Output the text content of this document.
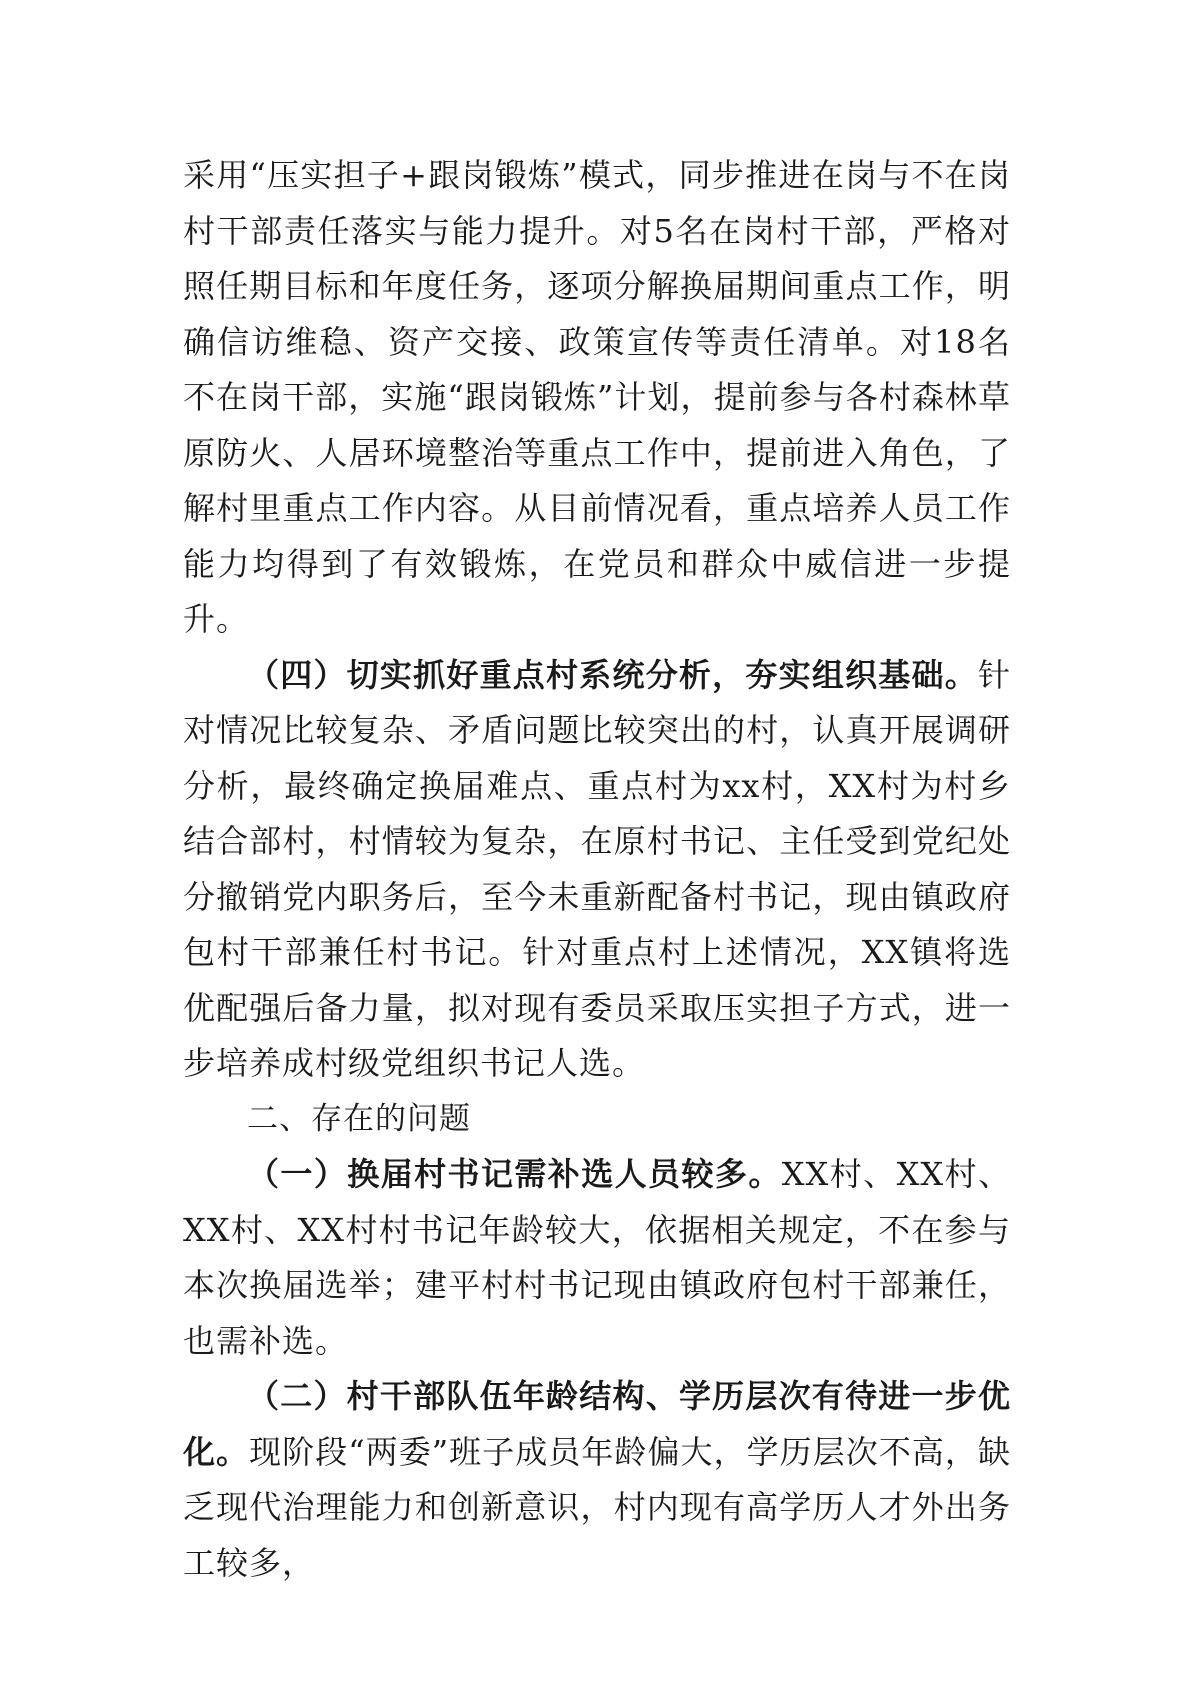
采用“压实担子+跟岗锻炼”模式，同步推进在岗与不在岗村干部责任落实与能力提升。对5名在岗村干部，严格对照任期目标和年度任务，逐项分解换届期间重点工作，明确信访维稳、资产交接、政策宣传等责任清单。对18名不在岗干部，实施“跟岗锻炼”计划，提前参与各村森林草原防火、人居环境整治等重点工作中，提前进入角色，了解村里重点工作内容。从目前情况看，重点培养人员工作能力均得到了有效锻炼，在党员和群众中威信进一步提升。

（四）切实抓好重点村系统分析，夯实组织基础。针对情况比较复杂、矛盾问题比较突出的村，认真开展调研分析，最终确定换届难点、重点村为xx村，XX村为村乡结合部村，村情较为复杂，在原村书记、主任受到党纪处分撤销党内职务后，至今未重新配备村书记，现由镇政府包村干部兼任村书记。针对重点村上述情况，XX镇将选优配强后备力量，拟对现有委员采取压实担子方式，进一步培养成村级党组织书记人选。

二、存在的问题

（一）换届村书记需补选人员较多。XX村、XX村、XX村、XX村村书记年龄较大，依据相关规定，不在参与本次换届选举；建平村村书记现由镇政府包村干部兼任，也需补选。

（二）村干部队伍年龄结构、学历层次有待进一步优化。现阶段“两委”班子成员年龄偏大，学历层次不高，缺乏现代治理能力和创新意识，村内现有高学历人才外出务工较多，
